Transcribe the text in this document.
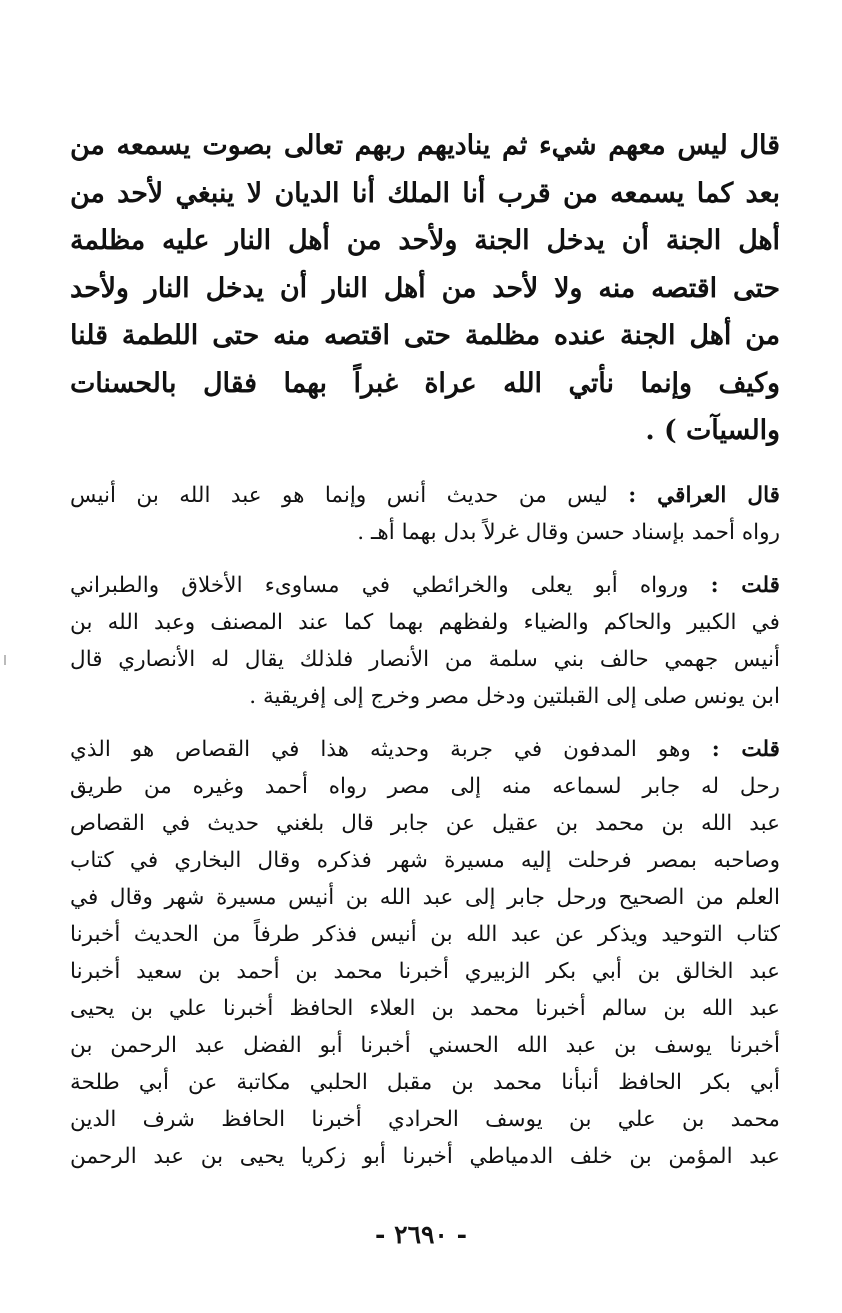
قال ليس معهم شيء ثم يناديهم ربهم تعالى بصوت يسمعه من
بعد كما يسمعه من قرب أنا الملك أنا الديان لا ينبغي لأحد من
أهل الجنة أن يدخل الجنة ولأحد من أهل النار عليه مظلمة
حتى اقتصه منه ولا لأحد من أهل النار أن يدخل النار ولأحد
من أهل الجنة عنده مظلمة حتى اقتصه منه حتى اللطمة قلنا
وكيف وإنما نأتي الله عراة غبراً بهما فقال بالحسنات
والسيآت ) .
قال العراقي : ليس من حديث أنس وإنما هو عبد الله بن أنيس
رواه أحمد بإسناد حسن وقال غرلاً بدل بهما أهـ .
قلت : ورواه أبو يعلى والخرائطي في مساوىء الأخلاق والطبراني
في الكبير والحاكم والضياء ولفظهم بهما كما عند المصنف وعبد الله بن
أنيس جهمي حالف بني سلمة من الأنصار فلذلك يقال له الأنصاري قال
ابن يونس صلى إلى القبلتين ودخل مصر وخرج إلى إفريقية .
قلت : وهو المدفون في جربة وحديثه هذا في القصاص هو الذي
رحل له جابر لسماعه منه إلى مصر رواه أحمد وغيره من طريق
عبد الله بن محمد بن عقيل عن جابر قال بلغني حديث في القصاص
وصاحبه بمصر فرحلت إليه مسيرة شهر فذكره وقال البخاري في كتاب
العلم من الصحيح ورحل جابر إلى عبد الله بن أنيس مسيرة شهر وقال في
كتاب التوحيد ويذكر عن عبد الله بن أنيس فذكر طرفاً من الحديث أخبرنا
عبد الخالق بن أبي بكر الزبيري أخبرنا محمد بن أحمد بن سعيد أخبرنا
عبد الله بن سالم أخبرنا محمد بن العلاء الحافظ أخبرنا علي بن يحيى
أخبرنا يوسف بن عبد الله الحسني أخبرنا أبو الفضل عبد الرحمن بن
أبي بكر الحافظ أنبأنا محمد بن مقبل الحلبي مكاتبة عن أبي طلحة
محمد بن علي بن يوسف الحرادي أخبرنا الحافظ شرف الدين
عبد المؤمن بن خلف الدمياطي أخبرنا أبو زكريا يحيى بن عبد الرحمن
- ٢٦٩٠ -
